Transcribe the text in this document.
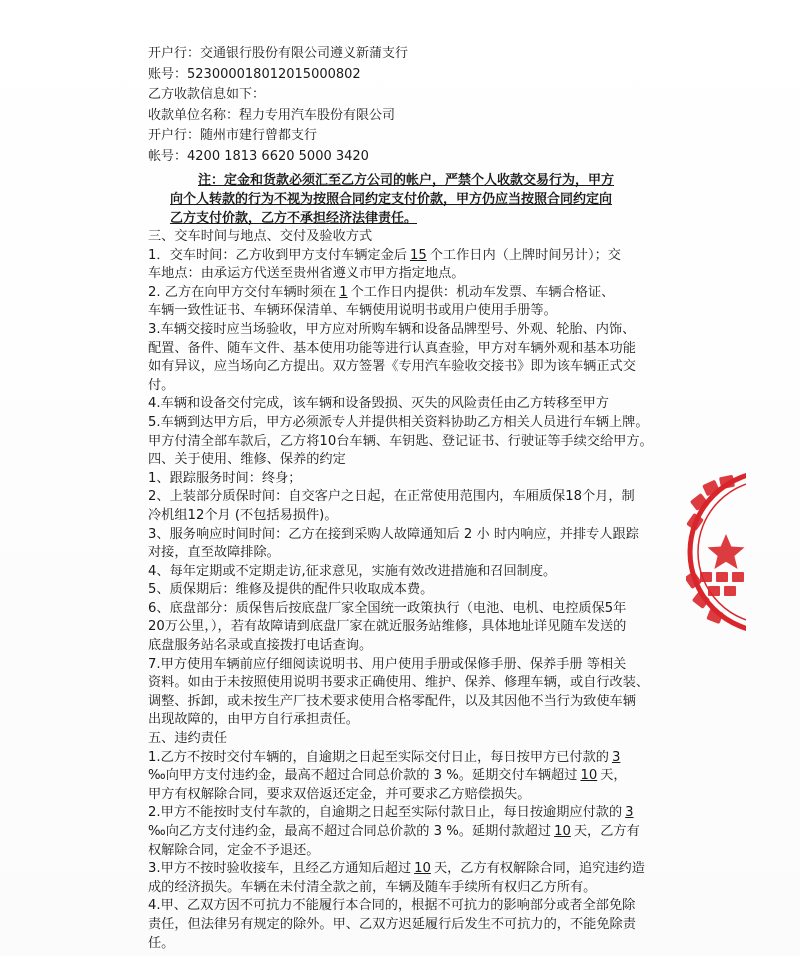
开户行：交通银行股份有限公司遵义新蒲支行
账号：523000018012015000802
乙方收款信息如下：
收款单位名称：程力专用汽车股份有限公司
开户行：随州市建行曾都支行
帐号：4200 1813 6620 5000 3420
注：定金和货款必须汇至乙方公司的帐户，严禁个人收款交易行为，甲方
向个人转款的行为不视为按照合同约定支付价款，甲方仍应当按照合同约定向
乙方支付价款，乙方不承担经济法律责任。
三、交车时间与地点、交付及验收方式
1．交车时间：乙方收到甲方支付车辆定金后 15 个工作日内（上牌时间另计）；交
车地点：由承运方代送至贵州省遵义市甲方指定地点。
2. 乙方在向甲方交付车辆时须在 1 个工作日内提供：机动车发票、车辆合格证、
车辆一致性证书、车辆环保清单、车辆使用说明书或用户使用手册等。
3.车辆交接时应当场验收，甲方应对所购车辆和设备品牌型号、外观、轮胎、内饰、
配置、备件、随车文件、基本使用功能等进行认真查验，甲方对车辆外观和基本功能
如有异议，应当场向乙方提出。双方签署《专用汽车验收交接书》即为该车辆正式交
付。
4.车辆和设备交付完成，该车辆和设备毁损、灭失的风险责任由乙方转移至甲方
5.车辆到达甲方后，甲方必须派专人并提供相关资料协助乙方相关人员进行车辆上牌。
甲方付清全部车款后，乙方将10台车辆、车钥匙、登记证书、行驶证等手续交给甲方。
四、关于使用、维修、保养的约定
1、跟踪服务时间：终身；
2、上装部分质保时间：自交客户之日起，在正常使用范围内，车厢质保18个月，制
冷机组12个月 (不包括易损件)。
3、服务响应时间时间：乙方在接到采购人故障通知后 2 小 时内响应，并排专人跟踪
对接，直至故障排除。
4、每年定期或不定期走访,征求意见，实施有效改进措施和召回制度。
5、质保期后：维修及提供的配件只收取成本费。
6、底盘部分：质保售后按底盘厂家全国统一政策执行（电池、电机、电控质保5年
20万公里，），若有故障请到底盘厂家在就近服务站维修，具体地址详见随车发送的
底盘服务站名录或直接拨打电话查询。
7.甲方使用车辆前应仔细阅读说明书、用户使用手册或保修手册、保养手册 等相关
资料。如由于未按照使用说明书要求正确使用、维护、保养、修理车辆，或自行改装、
调整、拆卸，或未按生产厂技术要求使用合格零配件，以及其因他不当行为致使车辆
出现故障的，由甲方自行承担责任。
五、违约责任
1.乙方不按时交付车辆的，自逾期之日起至实际交付日止，每日按甲方已付款的 3
‰向甲方支付违约金，最高不超过合同总价款的 3 %。延期交付车辆超过 10 天，
甲方有权解除合同，要求双倍返还定金，并可要求乙方赔偿损失。
2.甲方不能按时支付车款的，自逾期之日起至实际付款日止，每日按逾期应付款的 3
‰向乙方支付违约金，最高不超过合同总价款的 3 %。延期付款超过 10 天，乙方有
权解除合同，定金不予退还。
3.甲方不按时验收接车，且经乙方通知后超过 10 天，乙方有权解除合同，追究违约造
成的经济损失。车辆在未付清全款之前，车辆及随车手续所有权归乙方所有。
4.甲、乙双方因不可抗力不能履行本合同的，根据不可抗力的影响部分或者全部免除
责任，但法律另有规定的除外。甲、乙双方迟延履行后发生不可抗力的，不能免除责
任。
